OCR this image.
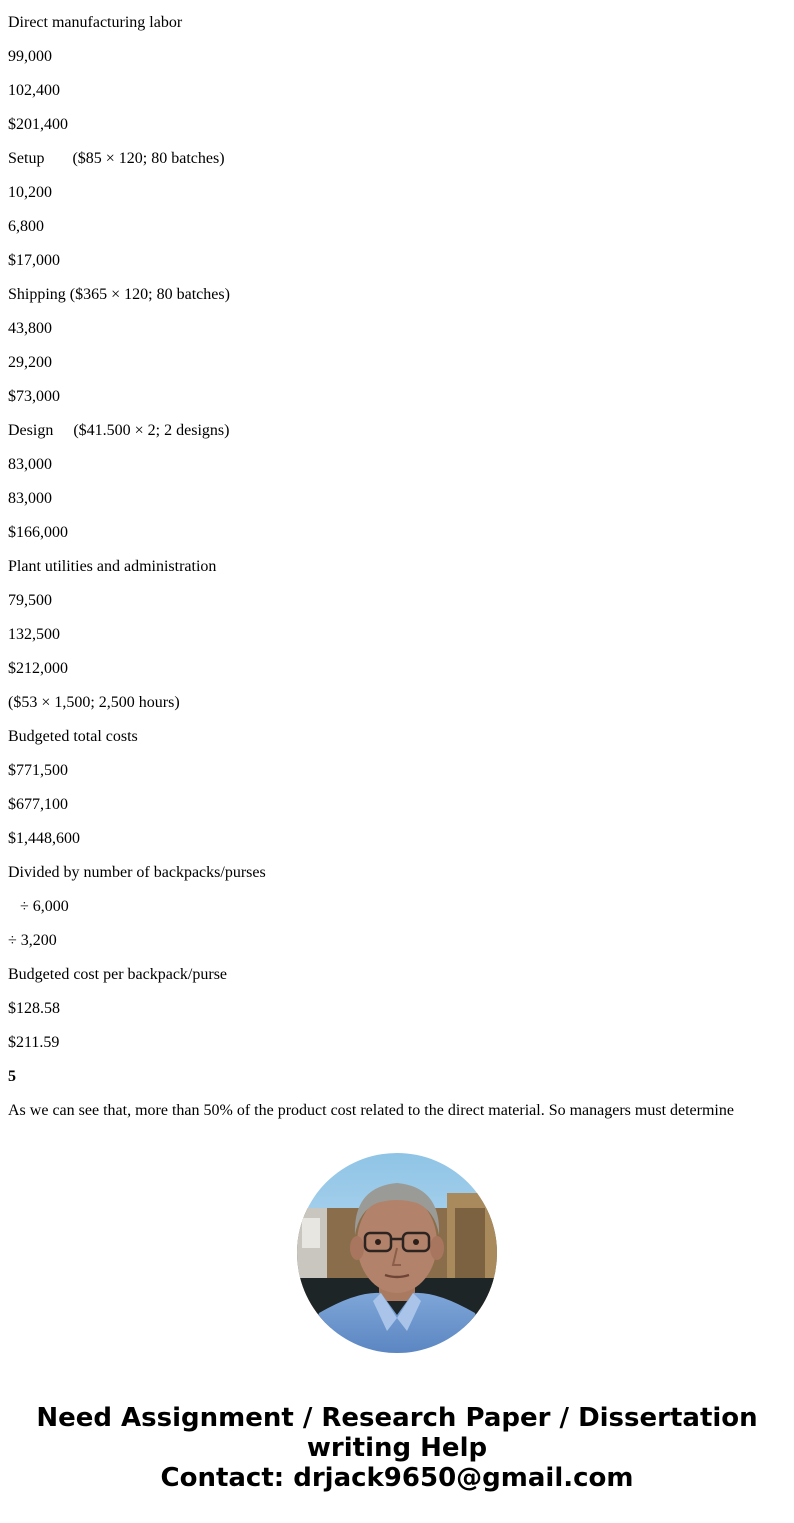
Direct manufacturing labor
99,000
102,400
$201,400
Setup       ($85 × 120; 80 batches)
10,200
6,800
$17,000
Shipping ($365 × 120; 80 batches)
43,800
29,200
$73,000
Design     ($41.500 × 2; 2 designs)
83,000
83,000
$166,000
Plant utilities and administration
79,500
132,500
$212,000
($53 × 1,500; 2,500 hours)
Budgeted total costs
$771,500
$677,100
$1,448,600
Divided by number of backpacks/purses
÷ 6,000
÷ 3,200
Budgeted cost per backpack/purse
$128.58
$211.59
5
As we can see that, more than 50% of the product cost related to the direct material. So managers must determine
Need Assignment / Research Paper / Dissertation
writing Help
Contact: drjack9650@gmail.com
